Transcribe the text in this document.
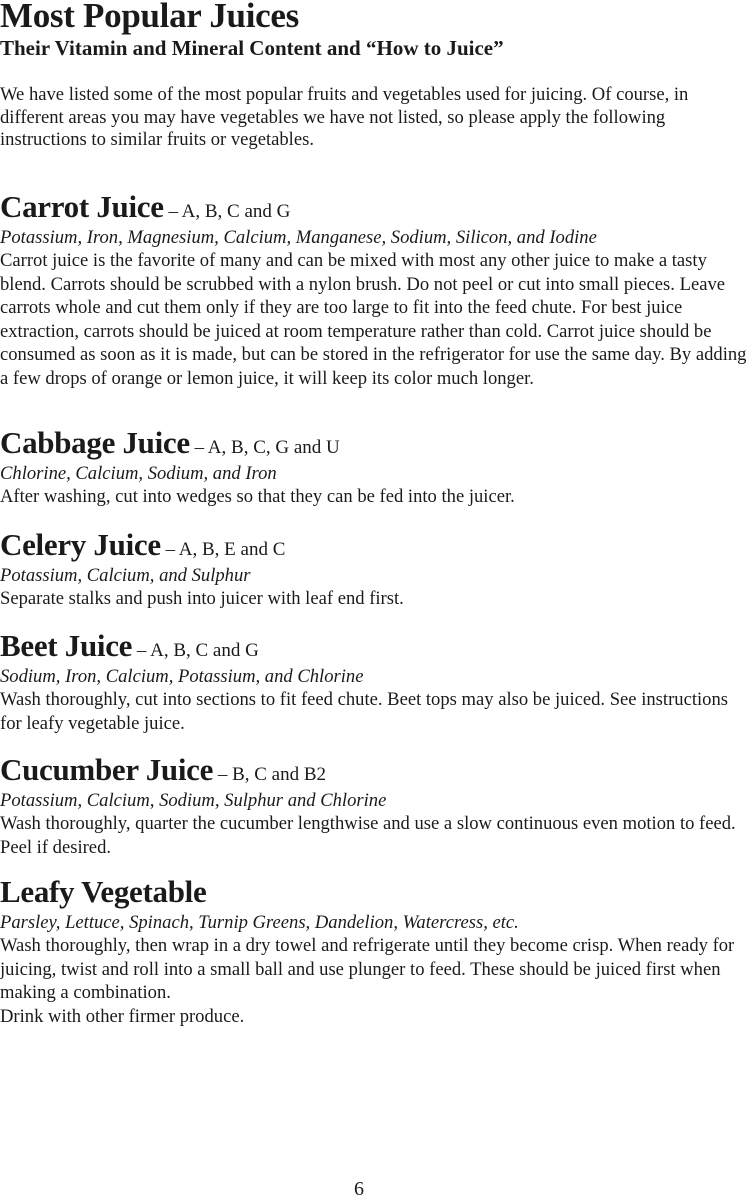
Most Popular Juices
Their Vitamin and Mineral Content and “How to Juice”

We have listed some of the most popular fruits and vegetables used for juicing. Of course, in different areas you may have vegetables we have not listed, so please apply the following instructions to similar fruits or vegetables.

Carrot Juice – A, B, C and G

Potassium, Iron, Magnesium, Calcium, Manganese, Sodium, Silicon, and Iodine

Carrot juice is the favorite of many and can be mixed with most any other juice to make a tasty blend. Carrots should be scrubbed with a nylon brush. Do not peel or cut into small pieces. Leave carrots whole and cut them only if they are too large to fit into the feed chute. For best juice extraction, carrots should be juiced at room temperature rather than cold. Carrot juice should be consumed as soon as it is made, but can be stored in the refrigerator for use the same day. By adding a few drops of orange or lemon juice, it will keep its color much longer.

Cabbage Juice – A, B, C, G and U

Chlorine, Calcium, Sodium, and Iron

After washing, cut into wedges so that they can be fed into the juicer.

Celery Juice – A, B, E and C

Potassium, Calcium, and Sulphur

Separate stalks and push into juicer with leaf end first.

Beet Juice – A, B, C and G

Sodium, Iron, Calcium, Potassium, and Chlorine

Wash thoroughly, cut into sections to fit feed chute. Beet tops may also be juiced. See instructions for leafy vegetable juice.

Cucumber Juice – B, C and B2

Potassium, Calcium, Sodium, Sulphur and Chlorine

Wash thoroughly, quarter the cucumber lengthwise and use a slow continuous even motion to feed. Peel if desired.

Leafy Vegetable

Parsley, Lettuce, Spinach, Turnip Greens, Dandelion, Watercress, etc.

Wash thoroughly, then wrap in a dry towel and refrigerate until they become crisp. When ready for juicing, twist and roll into a small ball and use plunger to feed. These should be juiced first when making a combination.

Drink with other firmer produce.

6
